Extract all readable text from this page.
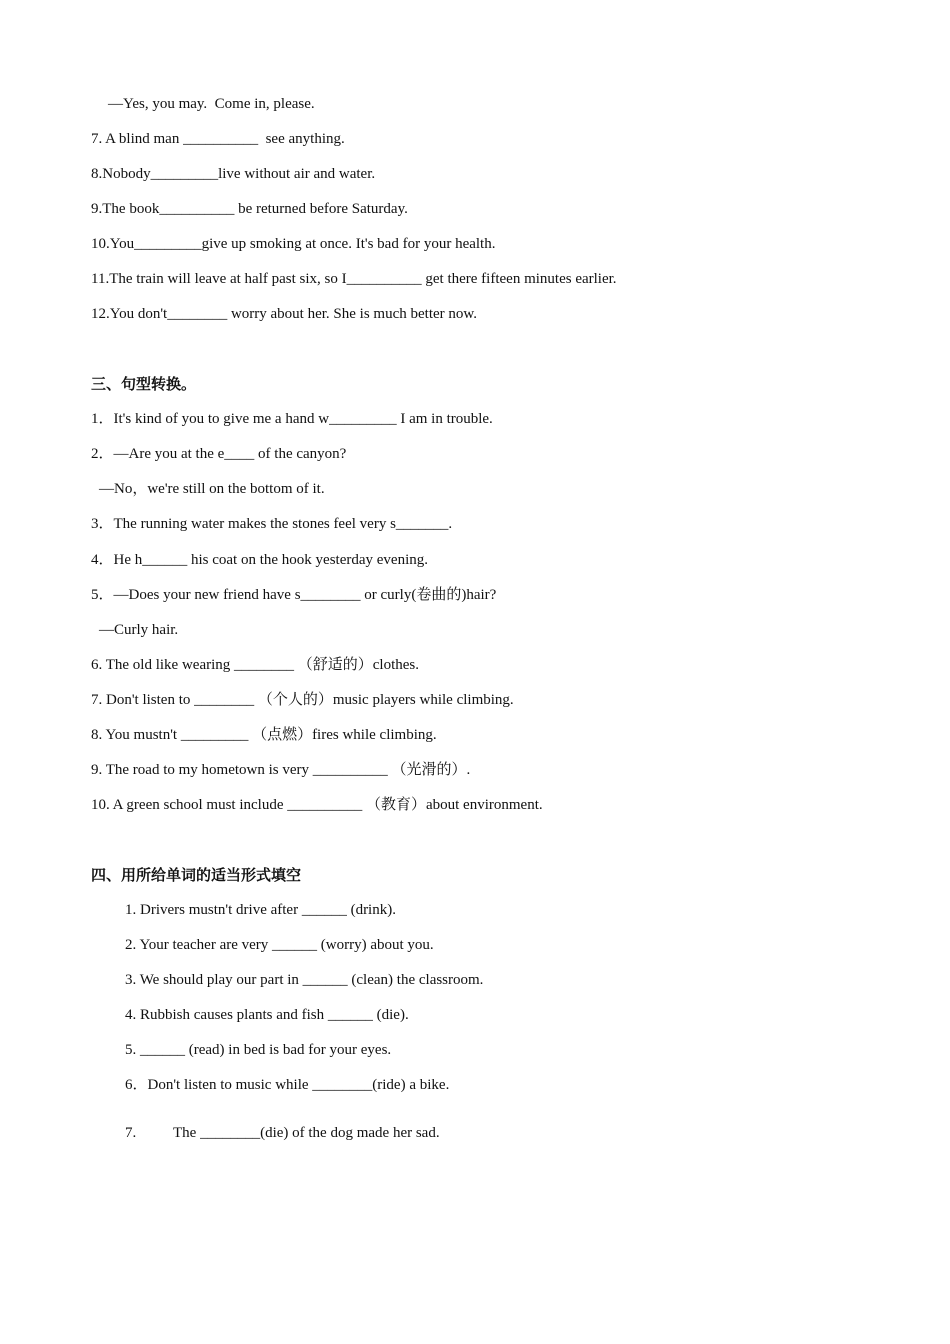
—Yes, you may.  Come in, please.
7. A blind man __________  see anything.
8.Nobody_________live without air and water.
9.The book__________ be returned before Saturday.
10.You_________give up smoking at once. It's bad for your health.
11.The train will leave at half past six, so I__________ get there fifteen minutes earlier.
12.You don't________ worry about her. She is much better now.
三、句型转换。
1．It's kind of you to give me a hand w_________ I am in trouble.
2．—Are you at the e____ of the canyon?
—No，we're still on the bottom of it.
3．The running water makes the stones feel very s_______.
4．He h______ his coat on the hook yesterday evening.
5．—Does your new friend have s________ or curly(卷曲的)hair?
—Curly hair.
6. The old like wearing ________ （舒适的）clothes.
7. Don't listen to ________ （个人的）music players while climbing.
8. You mustn't _________ （点燃）fires while climbing.
9. The road to my hometown is very __________ （光滑的）.
10. A green school must include __________ （教育）about environment.
四、用所给单词的适当形式填空
1. Drivers mustn't drive after ______ (drink).
2. Your teacher are very ______ (worry) about you.
3. We should play our part in ______ (clean) the classroom.
4. Rubbish causes plants and fish ______ (die).
5. ______ (read) in bed is bad for your eyes.
6．Don't listen to music while ________(ride) a bike.
7. The ________(die) of the dog made her sad.
